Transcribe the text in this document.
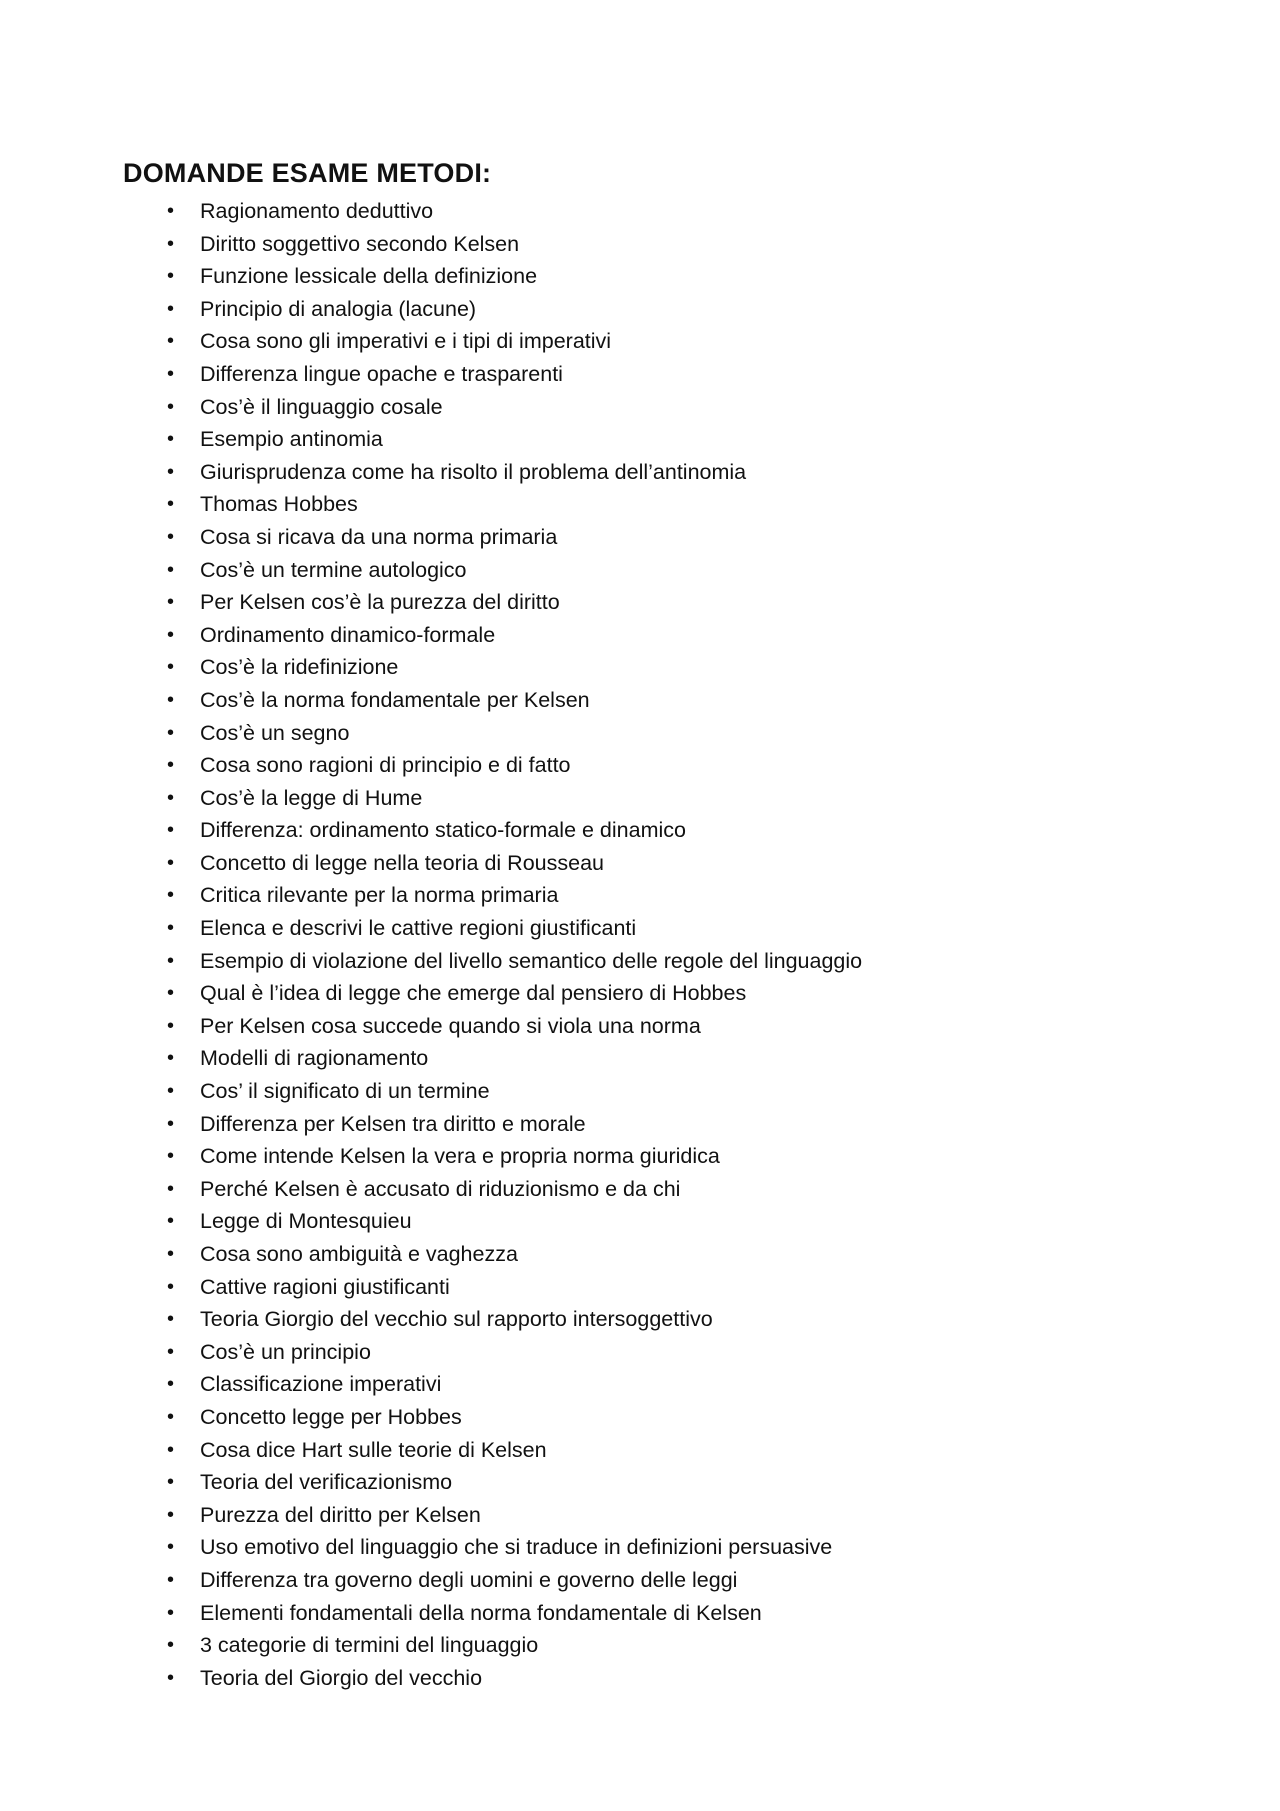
DOMANDE ESAME METODI:
• Ragionamento deduttivo
• Diritto soggettivo secondo Kelsen
• Funzione lessicale della definizione
• Principio di analogia (lacune)
• Cosa sono gli imperativi e i tipi di imperativi
• Differenza lingue opache e trasparenti
• Cos’è il linguaggio cosale
• Esempio antinomia
• Giurisprudenza come ha risolto il problema dell’antinomia
• Thomas Hobbes
• Cosa si ricava da una norma primaria
• Cos’è un termine autologico
• Per Kelsen cos’è la purezza del diritto
• Ordinamento dinamico-formale
• Cos’è la ridefinizione
• Cos’è la norma fondamentale per Kelsen
• Cos’è un segno
• Cosa sono ragioni di principio e di fatto
• Cos’è la legge di Hume
• Differenza: ordinamento statico-formale e dinamico
• Concetto di legge nella teoria di Rousseau
• Critica rilevante per la norma primaria
• Elenca e descrivi le cattive regioni giustificanti
• Esempio di violazione del livello semantico delle regole del linguaggio
• Qual è l’idea di legge che emerge dal pensiero di Hobbes
• Per Kelsen cosa succede quando si viola una norma
• Modelli di ragionamento
• Cos’ il significato di un termine
• Differenza per Kelsen tra diritto e morale
• Come intende Kelsen la vera e propria norma giuridica
• Perché Kelsen è accusato di riduzionismo e da chi
• Legge di Montesquieu
• Cosa sono ambiguità e vaghezza
• Cattive ragioni giustificanti
• Teoria Giorgio del vecchio sul rapporto intersoggettivo
• Cos’è un principio
• Classificazione imperativi
• Concetto legge per Hobbes
• Cosa dice Hart sulle teorie di Kelsen
• Teoria del verificazionismo
• Purezza del diritto per Kelsen
• Uso emotivo del linguaggio che si traduce in definizioni persuasive
• Differenza tra governo degli uomini e governo delle leggi
• Elementi fondamentali della norma fondamentale di Kelsen
• 3 categorie di termini del linguaggio
• Teoria del Giorgio del vecchio
